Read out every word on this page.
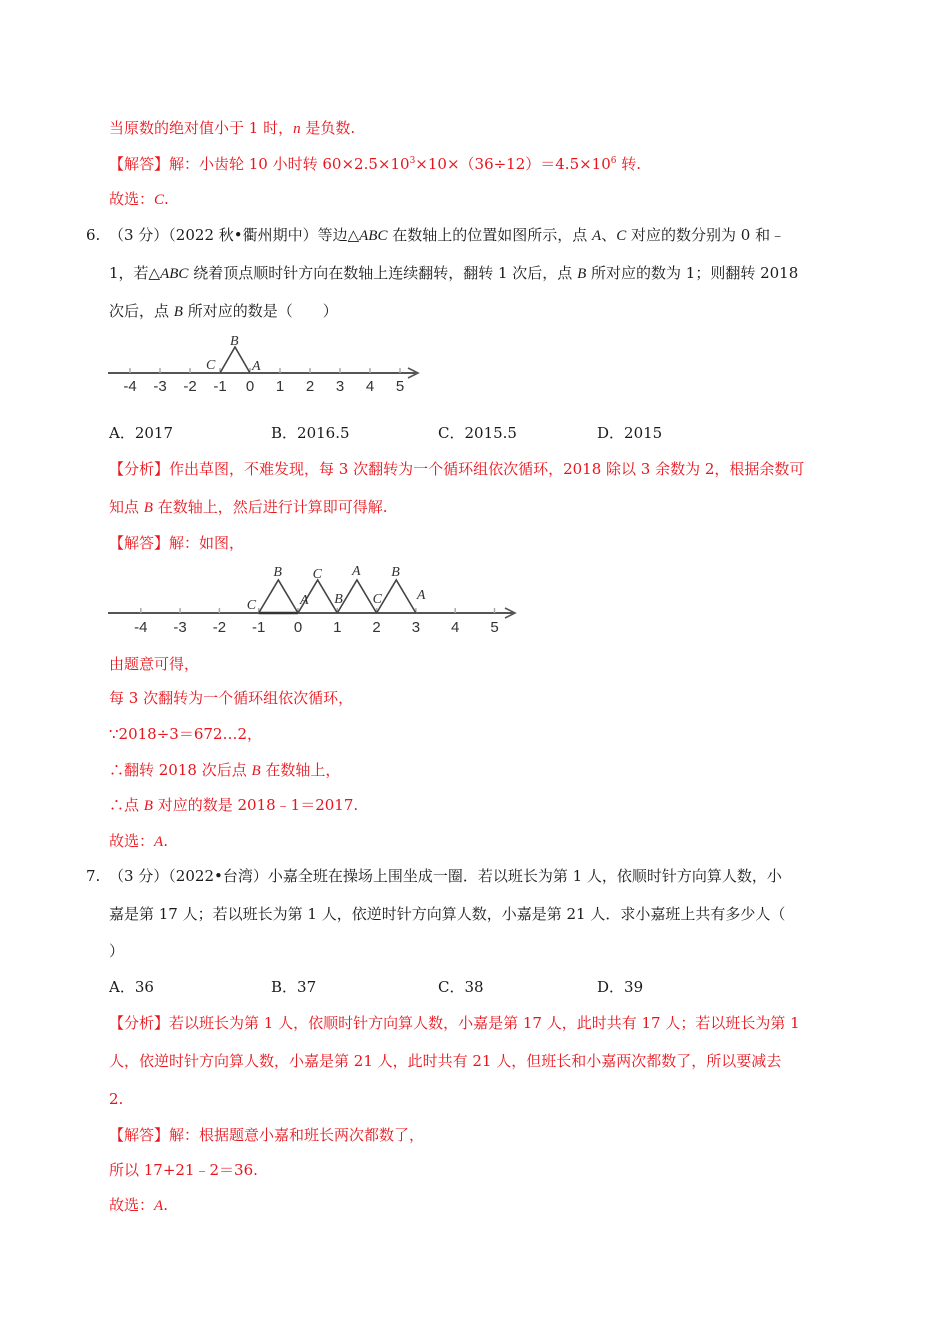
当原数的绝对值小于 1 时，n 是负数.
【解答】解：小齿轮 10 小时转 $60\times 2.5\times 10^3\times 10\times(36\div 12)=4.5\times 10^6$ 转.
故选：C.
6. （3 分）（2022 秋•衢州期中）等边△ABC 在数轴上的位置如图所示，点 A、C 对应的数分别为 0 和﹣
1，若△ABC 绕着顶点顺时针方向在数轴上连续翻转，翻转 1 次后，点 B 所对应的数为 1；则翻转 2018
次后，点 B 所对应的数是（　　）
-4 -3 -2 -1 0 1 2 3 4 5
C
B
A
A．2017	B．2016.5	C．2015.5	D．2015
【分析】作出草图，不难发现，每 3 次翻转为一个循环组依次循环，2018 除以 3 余数为 2，根据余数可
知点 B 在数轴上，然后进行计算即可得解.
【解答】解：如图，
-4 -3 -2 -1 0 1 2 3 4 5
C
B
A
C
B
A
C
B
A
由题意可得，
每 3 次翻转为一个循环组依次循环，
∵2018÷3＝672…2，
∴翻转 2018 次后点 B 在数轴上，
∴点 B 对应的数是 2018﹣1＝2017.
故选：A.
7. （3 分）（2022•台湾）小嘉全班在操场上围坐成一圈．若以班长为第 1 人，依顺时针方向算人数，小
嘉是第 17 人；若以班长为第 1 人，依逆时针方向算人数，小嘉是第 21 人．求小嘉班上共有多少人（
）
A．36	B．37	C．38	D．39
【分析】若以班长为第 1 人，依顺时针方向算人数，小嘉是第 17 人，此时共有 17 人；若以班长为第 1
人，依逆时针方向算人数，小嘉是第 21 人，此时共有 21 人，但班长和小嘉两次都数了，所以要减去
2.
【解答】解：根据题意小嘉和班长两次都数了，
所以 17+21﹣2＝36.
故选：A.
